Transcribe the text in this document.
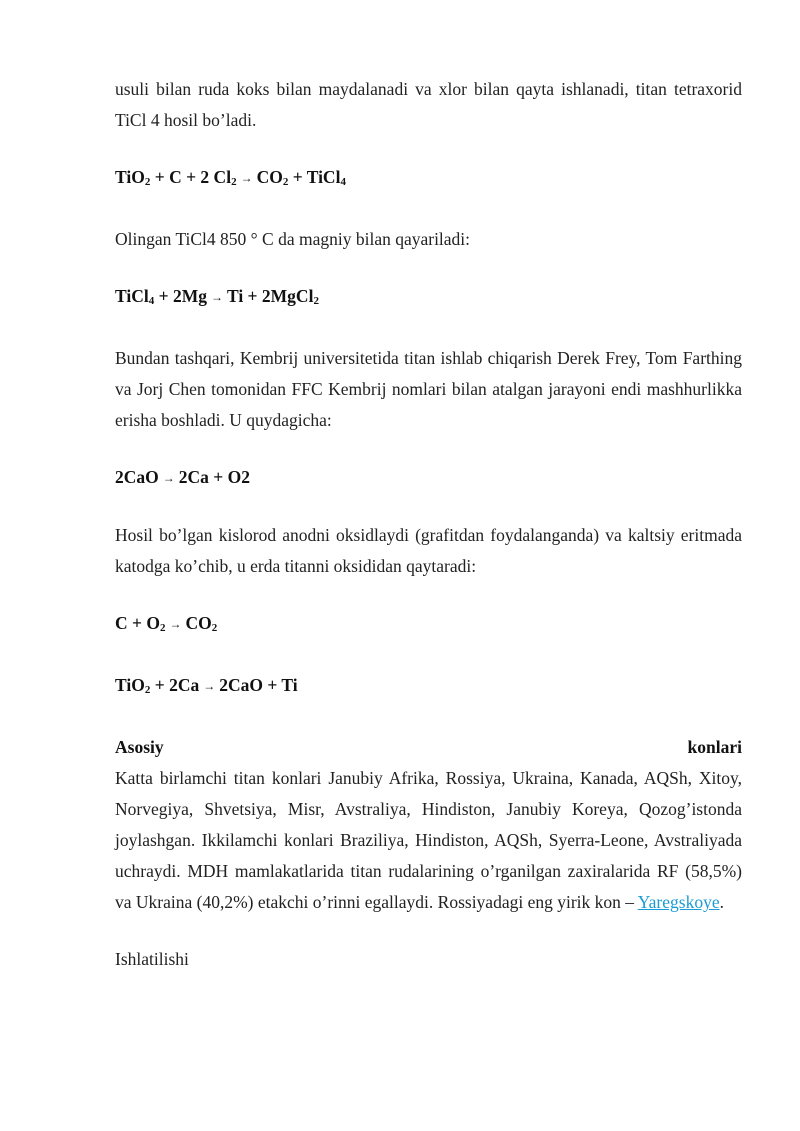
usuli bilan ruda koks bilan maydalanadi va xlor bilan qayta ishlanadi, titan tetraxorid TiCl 4 hosil bo’ladi.

TiO2 + C + 2 Cl2 → CO2 + TiCl4

Olingan TiCl4 850 ° C da magniy bilan qayariladi:

TiCl4 + 2Mg → Ti + 2MgCl2

Bundan tashqari, Kembrij universitetida titan ishlab chiqarish Derek Frey, Tom Farthing va Jorj Chen tomonidan FFC Kembrij nomlari bilan atalgan jarayoni endi mashhurlikka erisha boshladi. U quydagicha:

2CaO → 2Ca + O2

Hosil bo’lgan kislorod anodni oksidlaydi (grafitdan foydalanganda) va kaltsiy eritmada katodga ko’chib, u erda titanni oksididan qaytaradi:

C + O2 → CO2

TiO2 + 2Ca → 2CaO + Ti

Asosiy	konlari

Katta birlamchi titan konlari Janubiy Afrika, Rossiya, Ukraina, Kanada, AQSh, Xitoy, Norvegiya, Shvetsiya, Misr, Avstraliya, Hindiston, Janubiy Koreya, Qozog’istonda joylashgan. Ikkilamchi konlari Braziliya, Hindiston, AQSh, Syerra-Leone, Avstraliyada uchraydi. MDH mamlakatlarida titan rudalarining o’rganilgan zaxiralarida RF (58,5%) va Ukraina (40,2%) etakchi o’rinni egallaydi. Rossiyadagi eng yirik kon – Yaregskoye.

Ishlatilishi
